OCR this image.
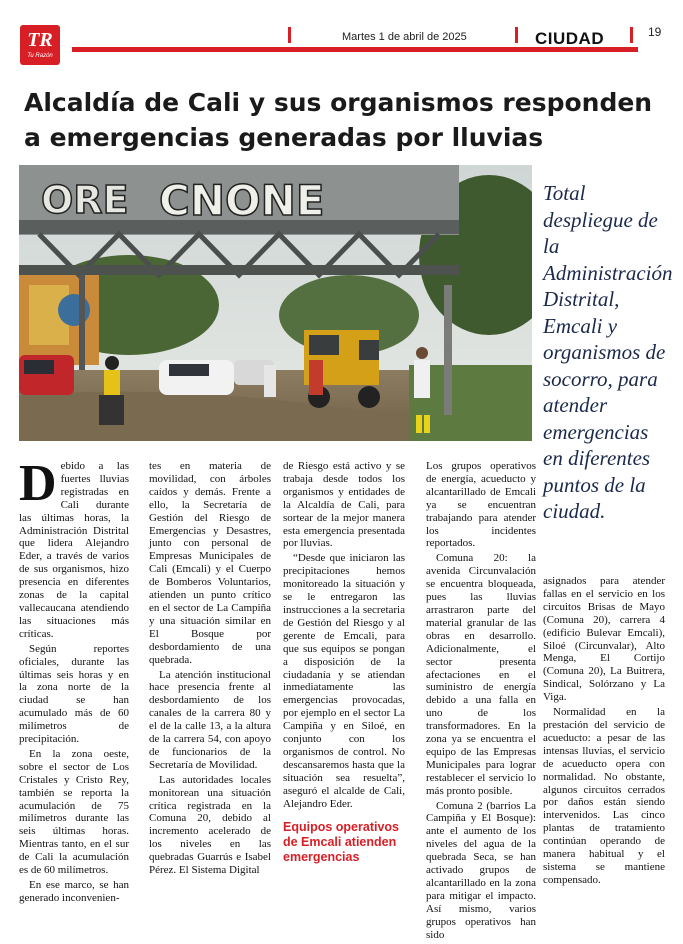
TR
Tu Razón
Martes 1 de abril de 2025	CIUDAD	19
Alcaldía de Cali y sus organismos responden a emergencias generadas por lluvias
ORE CNONE	Total despliegue de la Administración Distrital, Emcali y organismos de socorro, para atender emergencias en diferentes puntos de la ciudad.

Debido a las fuertes lluvias registradas en Cali durante las últimas horas, la Administración Distrital que lidera Alejandro Eder, a través de varios de sus organismos, hizo presencia en diferentes zonas de la capital vallecaucana atendiendo las situaciones más críticas.

Según reportes oficiales, durante las últimas seis horas y en la zona norte de la ciudad se han acumulado más de 60 milímetros de precipitación.

En la zona oeste, sobre el sector de Los Cristales y Cristo Rey, también se reporta la acumulación de 75 milímetros durante las seis últimas horas. Mientras tanto, en el sur de Cali la acumulación es de 60 milímetros.

En ese marco, se han generado inconvenien-

tes en materia de movilidad, con árboles caídos y demás. Frente a ello, la Secretaría de Gestión del Riesgo de Emergencias y Desastres, junto con personal de Empresas Municipales de Cali (Emcali) y el Cuerpo de Bomberos Voluntarios, atienden un punto crítico en el sector de La Campiña y una situación similar en El Bosque por desbordamiento de una quebrada.

La atención institucional hace presencia frente al desbordamiento de los canales de la carrera 80 y el de la calle 13, a la altura de la carrera 54, con apoyo de funcionarios de la Secretaría de Movilidad.

Las autoridades locales monitorean una situación crítica registrada en la Comuna 20, debido al incremento acelerado de los niveles en las quebradas Guarrús e Isabel Pérez. El Sistema Digital

de Riesgo está activo y se trabaja desde todos los organismos y entidades de la Alcaldía de Cali, para sortear de la mejor manera esta emergencia presentada por lluvias.

“Desde que iniciaron las precipitaciones hemos monitoreado la situación y se le entregaron las instrucciones a la secretaria de Gestión del Riesgo y al gerente de Emcali, para que sus equipos se pongan a disposición de la ciudadanía y se atiendan inmediatamente las emergencias provocadas, por ejemplo en el sector La Campiña y en Siloé, en conjunto con los organismos de control. No descansaremos hasta que la situación sea resuelta”, aseguró el alcalde de Cali, Alejandro Eder.

Equipos operativos de Emcali atienden emergencias

Los grupos operativos de energía, acueducto y alcantarillado de Emcali ya se encuentran trabajando para atender los incidentes reportados.

Comuna 20: la avenida Circunvalación se encuentra bloqueada, pues las lluvias arrastraron parte del material granular de las obras en desarrollo. Adicionalmente, el sector presenta afectaciones en el suministro de energía debido a una falla en uno de los transformadores. En la zona ya se encuentra el equipo de las Empresas Municipales para lograr restablecer el servicio lo más pronto posible.

Comuna 2 (barrios La Campiña y El Bosque): ante el aumento de los niveles del agua de la quebrada Seca, se han activado grupos de alcantarillado en la zona para mitigar el impacto. Así mismo, varios grupos operativos han sido

asignados para atender fallas en el servicio en los circuitos Brisas de Mayo (Comuna 20), carrera 4 (edificio Bulevar Emcali), Siloé (Circunvalar), Alto Menga, El Cortijo (Comuna 20), La Buitrera, Sindical, Solórzano y La Viga.

Normalidad en la prestación del servicio de acueducto: a pesar de las intensas lluvias, el servicio de acueducto opera con normalidad. No obstante, algunos circuitos cerrados por daños están siendo intervenidos. Las cinco plantas de tratamiento continúan operando de manera habitual y el sistema se mantiene compensado.
